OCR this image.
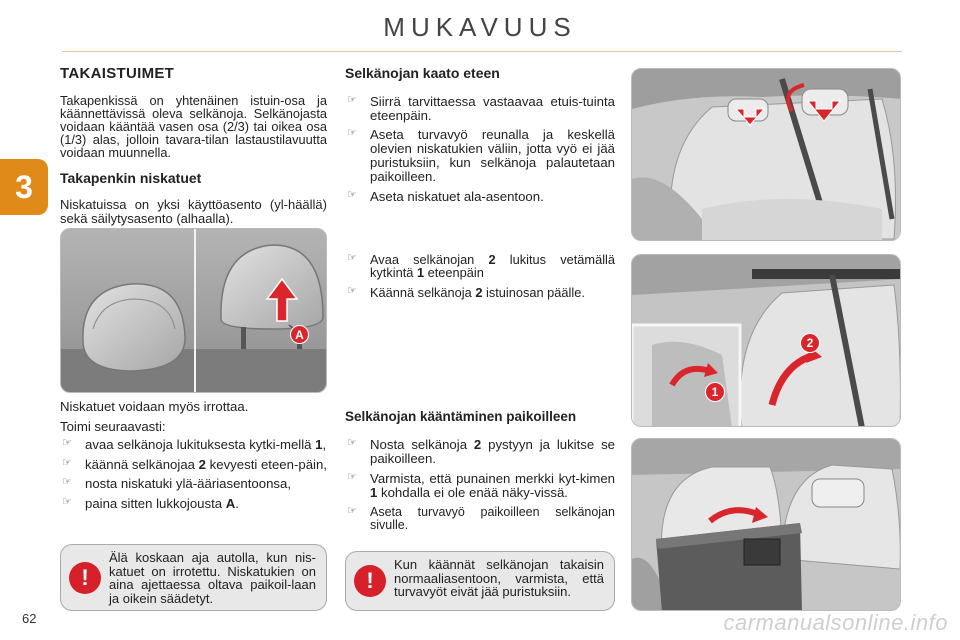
MUKAVUUS
3
TAKAISTUIMET

Takapenkissä on yhtenäinen istuin-osa ja käännettävissä oleva selkänoja. Selkänojasta voidaan kääntää vasen osa (2/3) tai oikea osa (1/3) alas, jolloin tavara-tilan lastaustilavuutta voidaan muunnella.

Takapenkin niskatuet

Niskatuissa on yksi käyttöasento (yl-häällä) sekä säilytysasento (alhaalla).

A

Niskatuet voidaan myös irrottaa.

Toimi seuraavasti:

☞ avaa selkänoja lukituksesta kytki-mellä 1,
☞ käännä selkänojaa 2 kevyesti eteen-päin,
☞ nosta niskatuki ylä-ääriasentoonsa,
☞ paina sitten lukkojousta A.
!
Älä koskaan aja autolla, kun nis-katuet on irrotettu. Niskatukien on aina ajettaessa oltava paikoil-laan ja oikein säädetyt.
Selkänojan kaato eteen
☞ Siirrä tarvittaessa vastaavaa etuis-tuinta eteenpäin.
☞ Aseta turvavyö reunalla ja keskellä olevien niskatukien väliin, jotta vyö ei jää puristuksiin, kun selkänoja palautetaan paikoilleen.
☞ Aseta niskatuet ala-asentoon.
☞ Avaa selkänojan 2 lukitus vetämällä kytkintä 1 eteenpäin
☞ Käännä selkänoja 2 istuinosan päälle.
Selkänojan kääntäminen paikoilleen
☞ Nosta selkänoja 2 pystyyn ja lukitse se paikoilleen.
☞ Varmista, että punainen merkki kyt-kimen 1 kohdalla ei ole enää näky-vissä.
☞ Aseta turvavyö paikoilleen selkänojan sivulle.
!
Kun käännät selkänojan takaisin normaaliasentoon, varmista, että turvavyöt eivät jää puristuksiin.
1
2
62	carmanualsonline.info
